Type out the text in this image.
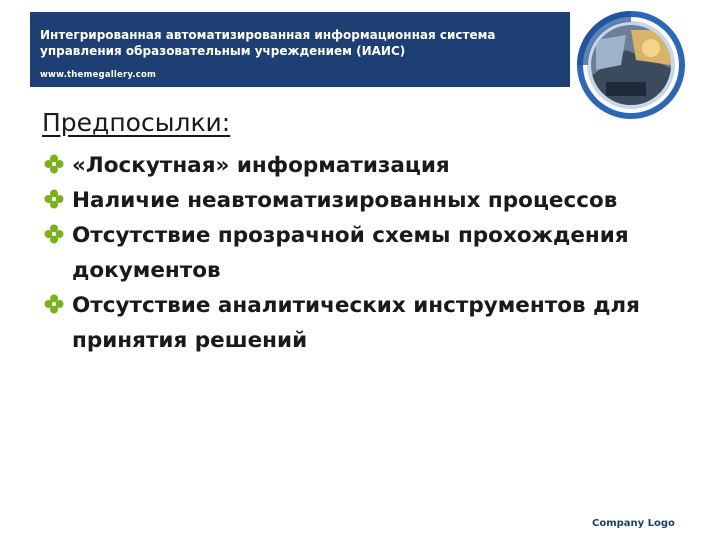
Интегрированная автоматизированная информационная система управления образовательным учреждением (ИАИС)
www.themegallery.com
Предпосылки:
«Лоскутная» информатизация
Наличие неавтоматизированных процессов
Отсутствие прозрачной схемы прохождения документов
Отсутствие аналитических инструментов для принятия решений
Company Logo
